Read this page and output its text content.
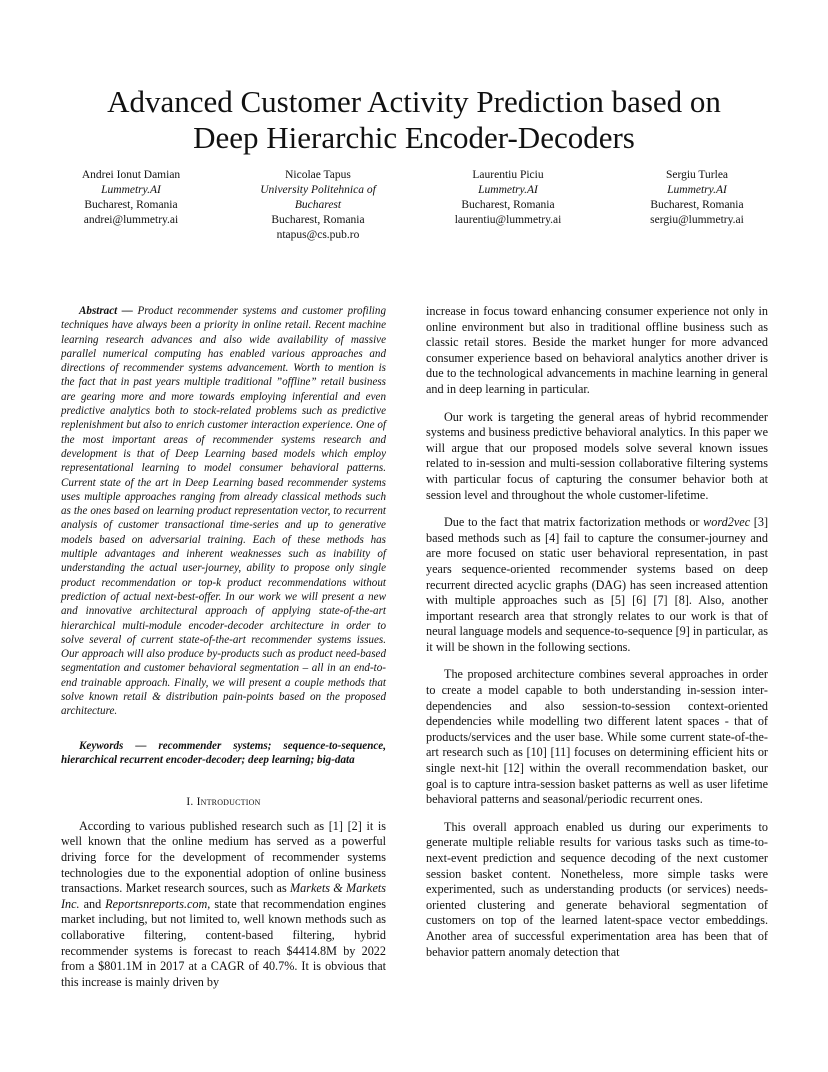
Advanced Customer Activity Prediction based on
Deep Hierarchic Encoder-Decoders
Andrei Ionut Damian
Lummetry.AI
Bucharest, Romania
andrei@lummetry.ai
Nicolae Tapus
University Politehnica of
Bucharest
Bucharest, Romania
ntapus@cs.pub.ro
Laurentiu Piciu
Lummetry.AI
Bucharest, Romania
laurentiu@lummetry.ai
Sergiu Turlea
Lummetry.AI
Bucharest, Romania
sergiu@lummetry.ai

Abstract — Product recommender systems and customer profiling techniques have always been a priority in online retail. Recent machine learning research advances and also wide availability of massive parallel numerical computing has enabled various approaches and directions of recommender systems advancement. Worth to mention is the fact that in past years multiple traditional ”offline” retail business are gearing more and more towards employing inferential and even predictive analytics both to stock-related problems such as predictive replenishment but also to enrich customer interaction experience. One of the most important areas of recommender systems research and development is that of Deep Learning based models which employ representational learning to model consumer behavioral patterns. Current state of the art in Deep Learning based recommender systems uses multiple approaches ranging from already classical methods such as the ones based on learning product representation vector, to recurrent analysis of customer transactional time-series and up to generative models based on adversarial training. Each of these methods has multiple advantages and inherent weaknesses such as inability of understanding the actual user-journey, ability to propose only single product recommendation or top-k product recommendations without prediction of actual next-best-offer. In our work we will present a new and innovative architectural approach of applying state-of-the-art hierarchical multi-module encoder-decoder architecture in order to solve several of current state-of-the-art recommender systems issues. Our approach will also produce by-products such as product need-based segmentation and customer behavioral segmentation – all in an end-to-end trainable approach. Finally, we will present a couple methods that solve known retail & distribution pain-points based on the proposed architecture.

Keywords — recommender systems; sequence-to-sequence, hierarchical recurrent encoder-decoder; deep learning; big-data

I. Introduction

According to various published research such as [1] [2] it is well known that the online medium has served as a powerful driving force for the development of recommender systems technologies due to the exponential adoption of online business transactions. Market research sources, such as Markets & Markets Inc. and Reportsnreports.com, state that recommendation engines market including, but not limited to, well known methods such as collaborative filtering, content-based filtering, hybrid recommender systems is forecast to reach $4414.8M by 2022 from a $801.1M in 2017 at a CAGR of 40.7%. It is obvious that this increase is mainly driven by

increase in focus toward enhancing consumer experience not only in online environment but also in traditional offline business such as classic retail stores. Beside the market hunger for more advanced consumer experience based on behavioral analytics another driver is due to the technological advancements in machine learning in general and in deep learning in particular.

Our work is targeting the general areas of hybrid recommender systems and business predictive behavioral analytics. In this paper we will argue that our proposed models solve several known issues related to in-session and multi-session collaborative filtering systems with particular focus of capturing the consumer behavior both at session level and throughout the whole customer-lifetime.

Due to the fact that matrix factorization methods or word2vec [3] based methods such as [4] fail to capture the consumer-journey and are more focused on static user behavioral representation, in past years sequence-oriented recommender systems based on deep recurrent directed acyclic graphs (DAG) has seen increased attention with multiple approaches such as [5] [6] [7] [8]. Also, another important research area that strongly relates to our work is that of neural language models and sequence-to-sequence [9] in particular, as it will be shown in the following sections.

The proposed architecture combines several approaches in order to create a model capable to both understanding in-session inter-dependencies and also session-to-session context-oriented dependencies while modelling two different latent spaces - that of products/services and the user base. While some current state-of-the-art research such as [10] [11] focuses on determining efficient hits or single next-hit [12] within the overall recommendation basket, our goal is to capture intra-session basket patterns as well as user lifetime behavioral patterns and seasonal/periodic recurrent ones.

This overall approach enabled us during our experiments to generate multiple reliable results for various tasks such as time-to-next-event prediction and sequence decoding of the next customer session basket content. Nonetheless, more simple tasks were experimented, such as understanding products (or services) needs-oriented clustering and generate behavioral segmentation of customers on top of the learned latent-space vector embeddings. Another area of successful experimentation area has been that of behavior pattern anomaly detection that
